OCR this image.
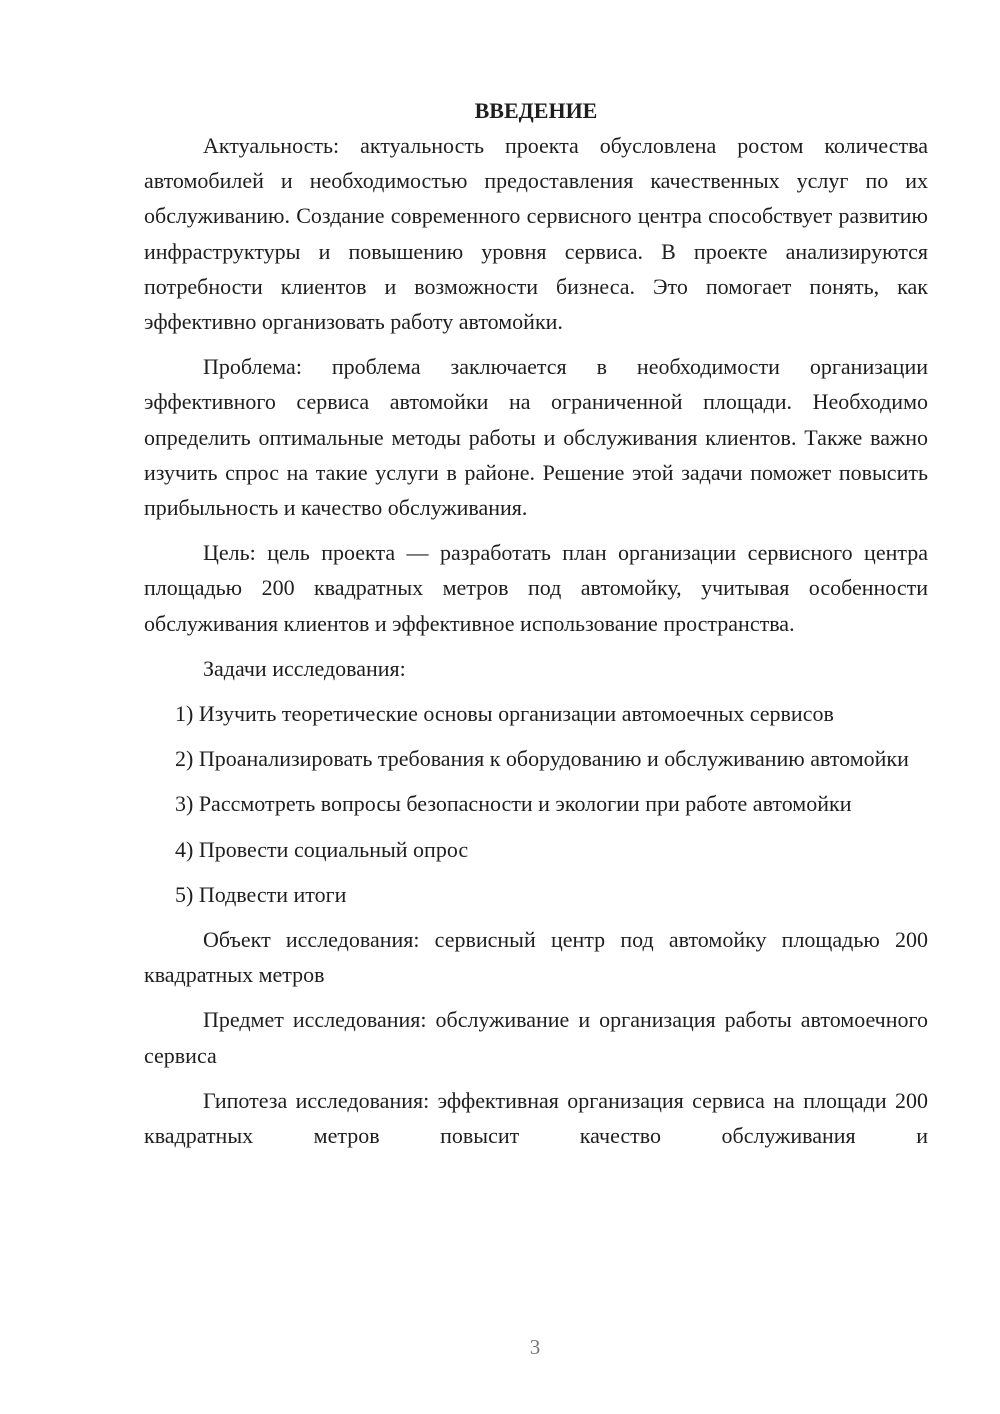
ВВЕДЕНИЕ

Актуальность: актуальность проекта обусловлена ростом количества автомобилей и необходимостью предоставления качественных услуг по их обслуживанию. Создание современного сервисного центра способствует развитию инфраструктуры и повышению уровня сервиса. В проекте анализируются потребности клиентов и возможности бизнеса. Это помогает понять, как эффективно организовать работу автомойки.

Проблема: проблема заключается в необходимости организации эффективного сервиса автомойки на ограниченной площади. Необходимо определить оптимальные методы работы и обслуживания клиентов. Также важно изучить спрос на такие услуги в районе. Решение этой задачи поможет повысить прибыльность и качество обслуживания.

Цель: цель проекта — разработать план организации сервисного центра площадью 200 квадратных метров под автомойку, учитывая особенности обслуживания клиентов и эффективное использование пространства.

Задачи исследования:

1) Изучить теоретические основы организации автомоечных сервисов

2) Проанализировать требования к оборудованию и обслуживанию автомойки

3) Рассмотреть вопросы безопасности и экологии при работе автомойки

4) Провести социальный опрос

5) Подвести итоги

Объект исследования: сервисный центр под автомойку площадью 200 квадратных метров

Предмет исследования: обслуживание и организация работы автомоечного сервиса

Гипотеза исследования: эффективная организация сервиса на площади 200 квадратных метров повысит качество обслуживания и

3
